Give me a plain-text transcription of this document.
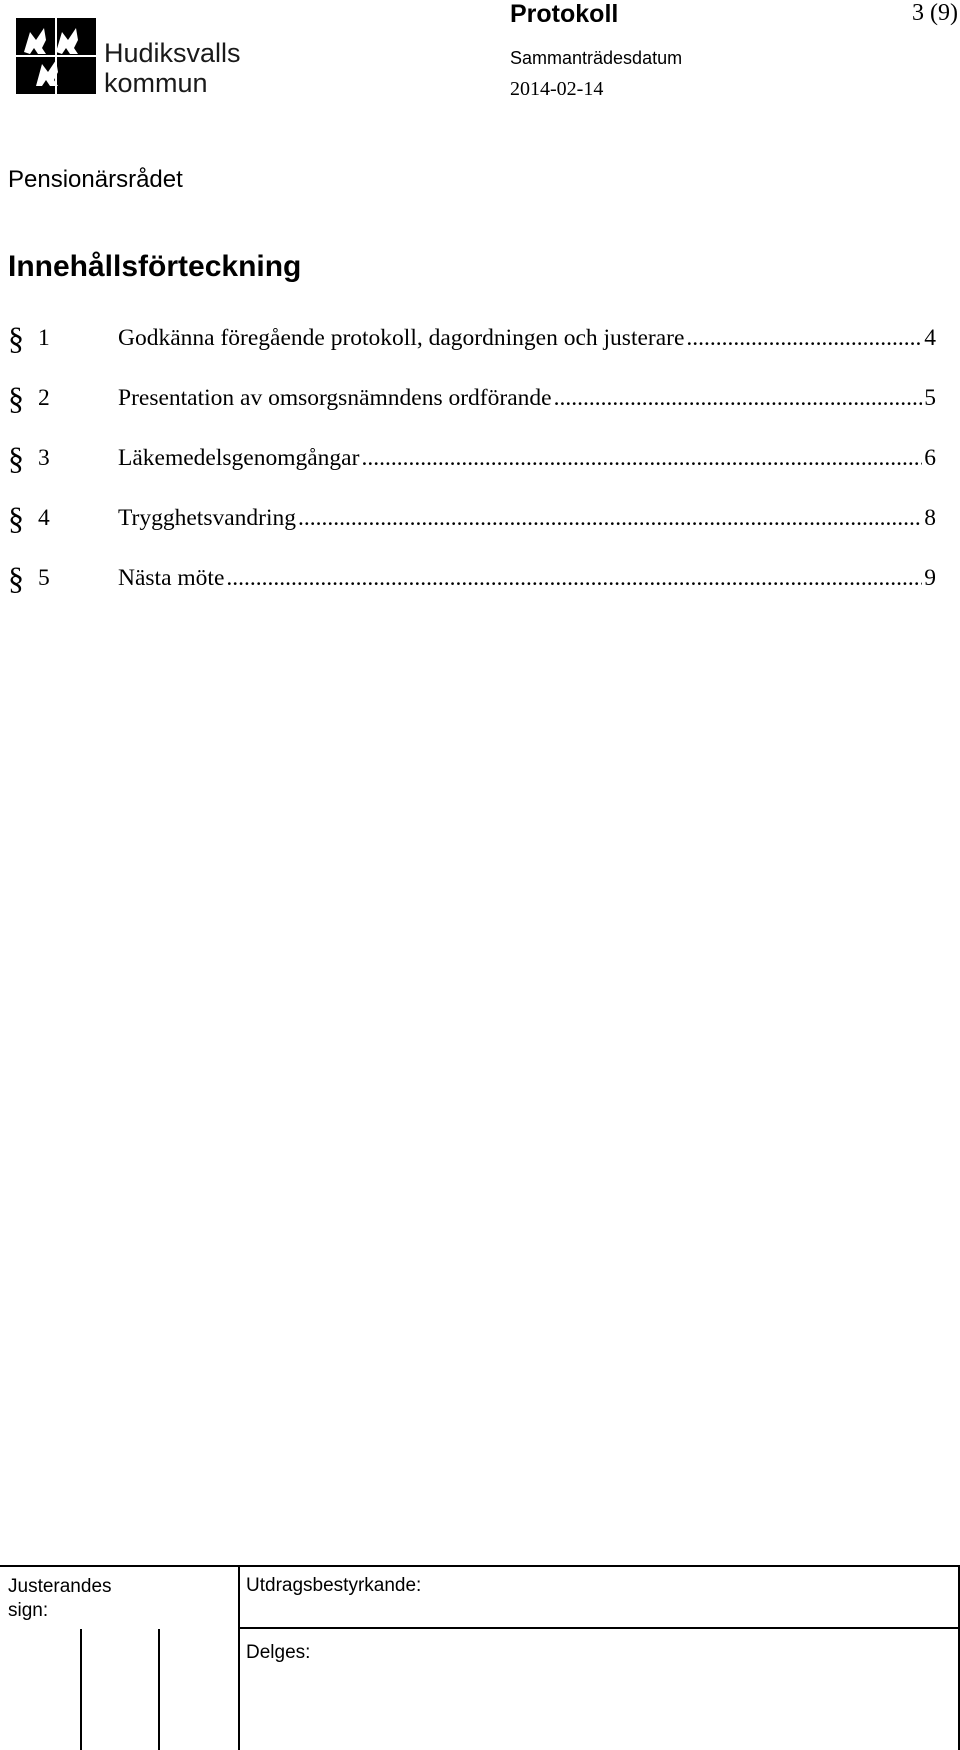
Hudiksvalls
kommun
Protokoll	3 (9)
Sammanträdesdatum
2014-02-14
Pensionärsrådet
Innehållsförteckning
§ 1	Godkänna föregående protokoll, dagordningen och justerare .....	4
§ 2	Presentation av omsorgsnämndens ordförande .....	5
§ 3	Läkemedelsgenomgångar .....	6
§ 4	Trygghetsvandring .....	8
§ 5	Nästa möte .....	9
Justerandes sign:
Utdragsbestyrkande:
Delges:
